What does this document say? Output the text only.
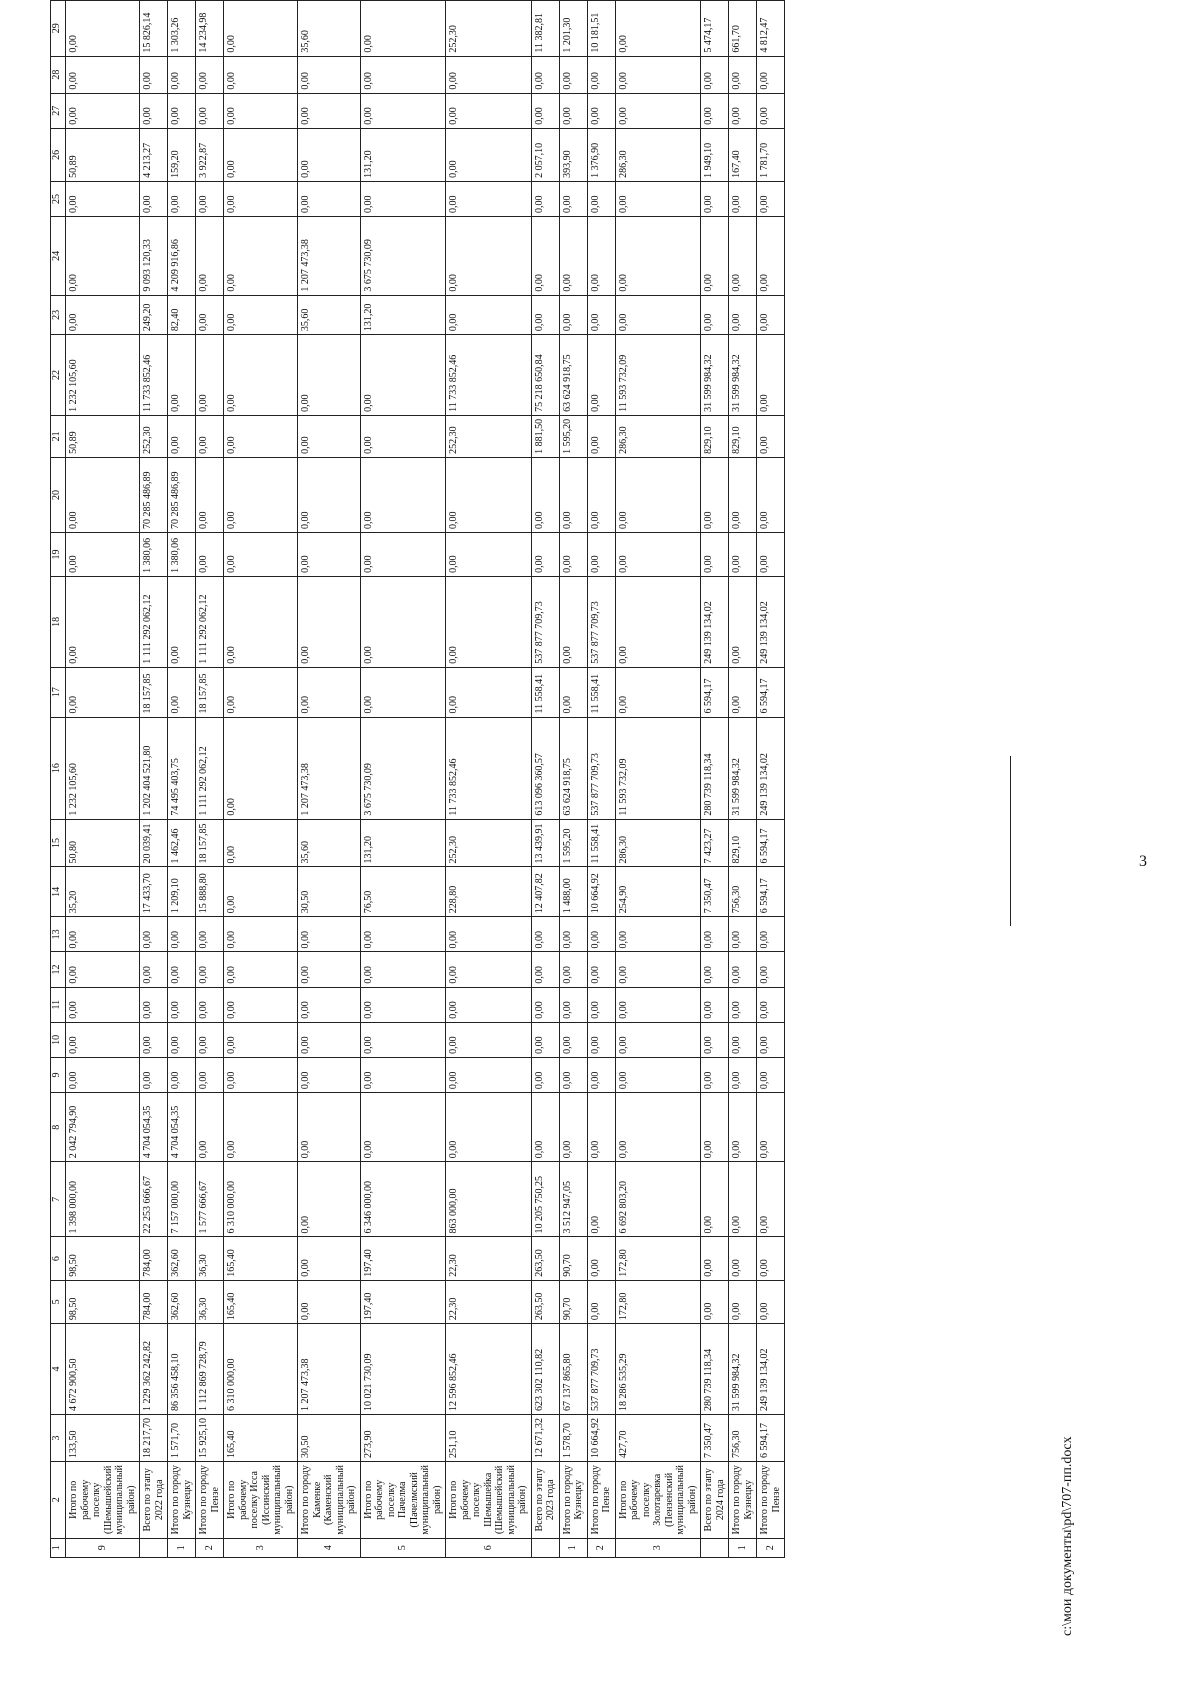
1	2	3	4	5	6	7	8	9	10	11	12	13	14	15	16	17	18	19	20	21	22	23	24	25	26	27	28	29
9	Итого по рабочему поселку (Шемышейский муниципальный район)	133,50	4 672 900,50	98,50	98,50	1 398 000,00	2 042 794,90	0,00	0,00	0,00	0,00	0,00	35,20	50,80	1 232 105,60	0,00	0,00	0,00	0,00	50,89	1 232 105,60	0,00	0,00	0,00	50,89	0,00	0,00	0,00
	Всего по этапу 2022 года	18 217,70	1 229 362 242,82	784,00	784,00	22 253 666,67	4 704 054,35	0,00	0,00	0,00	0,00	0,00	17 433,70	20 039,41	1 202 404 521,80	18 157,85	1 111 292 062,12	1 380,06	70 285 486,89	252,30	11 733 852,46	249,20	9 093 120,33	0,00	4 213,27	0,00	0,00	15 826,14
1	Итого по городу Кузнецку	1 571,70	86 356 458,10	362,60	362,60	7 157 000,00	4 704 054,35	0,00	0,00	0,00	0,00	0,00	1 209,10	1 462,46	74 495 403,75	0,00	0,00	1 380,06	70 285 486,89	0,00	0,00	82,40	4 209 916,86	0,00	159,20	0,00	0,00	1 303,26
2	Итого по городу Пензе	15 925,10	1 112 869 728,79	36,30	36,30	1 577 666,67	0,00	0,00	0,00	0,00	0,00	0,00	15 888,80	18 157,85	1 111 292 062,12	18 157,85	1 111 292 062,12	0,00	0,00	0,00	0,00	0,00	0,00	0,00	3 922,87	0,00	0,00	14 234,98
3	Итого по рабочему поселку Исса (Иссинский муниципальный район)	165,40	6 310 000,00	165,40	165,40	6 310 000,00	0,00	0,00	0,00	0,00	0,00	0,00	0,00	0,00	0,00	0,00	0,00	0,00	0,00	0,00	0,00	0,00	0,00	0,00	0,00	0,00	0,00	0,00
4	Итого по городу Каменке (Каменский муниципальный район)	30,50	1 207 473,38	0,00	0,00	0,00	0,00	0,00	0,00	0,00	0,00	0,00	30,50	35,60	1 207 473,38	0,00	0,00	0,00	0,00	0,00	0,00	35,60	1 207 473,38	0,00	0,00	0,00	0,00	35,60
5	Итого по рабочему поселку Пачелма (Пачелмский муниципальный район)	273,90	10 021 730,09	197,40	197,40	6 346 000,00	0,00	0,00	0,00	0,00	0,00	0,00	76,50	131,20	3 675 730,09	0,00	0,00	0,00	0,00	0,00	0,00	131,20	3 675 730,09	0,00	131,20	0,00	0,00	0,00
6	Итого по рабочему поселку Шемышейка (Шемышейский муниципальный район)	251,10	12 596 852,46	22,30	22,30	863 000,00	0,00	0,00	0,00	0,00	0,00	0,00	228,80	252,30	11 733 852,46	0,00	0,00	0,00	0,00	252,30	11 733 852,46	0,00	0,00	0,00	0,00	0,00	0,00	252,30
	Всего по этапу 2023 года	12 671,32	623 302 110,82	263,50	263,50	10 205 750,25	0,00	0,00	0,00	0,00	0,00	0,00	12 407,82	13 439,91	613 096 360,57	11 558,41	537 877 709,73	0,00	0,00	1 881,50	75 218 650,84	0,00	0,00	0,00	2 057,10	0,00	0,00	11 382,81
1	Итого по городу Кузнецку	1 578,70	67 137 865,80	90,70	90,70	3 512 947,05	0,00	0,00	0,00	0,00	0,00	0,00	1 488,00	1 595,20	63 624 918,75	0,00	0,00	0,00	0,00	1 595,20	63 624 918,75	0,00	0,00	0,00	393,90	0,00	0,00	1 201,30
2	Итого по городу Пензе	10 664,92	537 877 709,73	0,00	0,00	0,00	0,00	0,00	0,00	0,00	0,00	0,00	10 664,92	11 558,41	537 877 709,73	11 558,41	537 877 709,73	0,00	0,00	0,00	0,00	0,00	0,00	0,00	1 376,90	0,00	0,00	10 181,51
3	Итого по рабочему поселку Золотаревка (Пензенский муниципальный район)	427,70	18 286 535,29	172,80	172,80	6 692 803,20	0,00	0,00	0,00	0,00	0,00	0,00	254,90	286,30	11 593 732,09	0,00	0,00	0,00	0,00	286,30	11 593 732,09	0,00	0,00	0,00	286,30	0,00	0,00	0,00
	Всего по этапу 2024 года	7 350,47	280 739 118,34	0,00	0,00	0,00	0,00	0,00	0,00	0,00	0,00	0,00	7 350,47	7 423,27	280 739 118,34	6 594,17	249 139 134,02	0,00	0,00	829,10	31 599 984,32	0,00	0,00	0,00	1 949,10	0,00	0,00	5 474,17
1	Итого по городу Кузнецку	756,30	31 599 984,32	0,00	0,00	0,00	0,00	0,00	0,00	0,00	0,00	0,00	756,30	829,10	31 599 984,32	0,00	0,00	0,00	0,00	829,10	31 599 984,32	0,00	0,00	0,00	167,40	0,00	0,00	661,70
2	Итого по городу Пензе	6 594,17	249 139 134,02	0,00	0,00	0,00	0,00	0,00	0,00	0,00	0,00	0,00	6 594,17	6 594,17	249 139 134,02	6 594,17	249 139 134,02	0,00	0,00	0,00	0,00	0,00	0,00	0,00	1 781,70	0,00	0,00	4 812,47
3
c:\мои документы\pd\707-пп.docx
